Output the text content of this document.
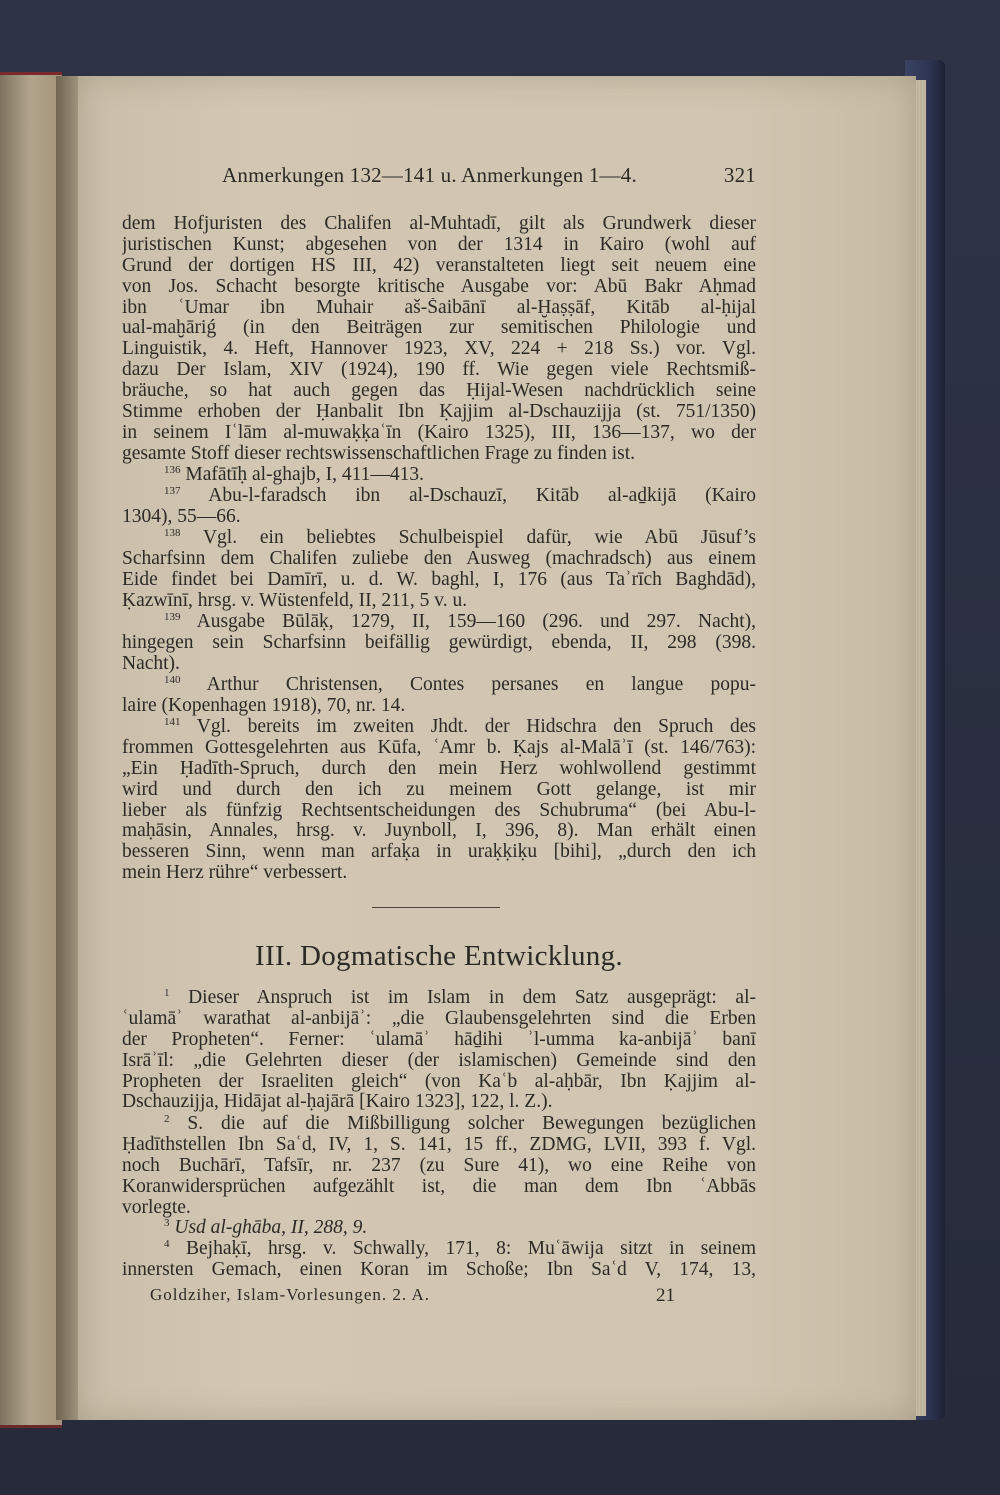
Anmerkungen 132—141 u. Anmerkungen 1—4.	321
dem Hofjuristen des Chalifen al-Muhtadī, gilt als Grundwerk dieser
juristischen Kunst; abgesehen von der 1314 in Kairo (wohl auf
Grund der dortigen HS III, 42) veranstalteten liegt seit neuem eine
von Jos. Schacht besorgte kritische Ausgabe vor: Abū Bakr Aḥmad
ibn ʿUmar ibn Muhair aš-Šaibānī al-Ḫaṣṣāf, Kitāb al-ḥijal
ual-maḫāriǵ (in den Beiträgen zur semitischen Philologie und
Linguistik, 4. Heft, Hannover 1923, XV, 224 + 218 Ss.) vor. Vgl.
dazu Der Islam, XIV (1924), 190 ff. Wie gegen viele Rechtsmiß-
bräuche, so hat auch gegen das Ḥijal-Wesen nachdrücklich seine
Stimme erhoben der Ḥanbalit Ibn Ḳajjim al-Dschauzijja (st. 751/1350)
in seinem Iʿlām al-muwaḳḳaʿīn (Kairo 1325), III, 136—137, wo der
gesamte Stoff dieser rechtswissenschaftlichen Frage zu finden ist.
$^{136}$ Mafātīḥ al-ghajb, I, 411—413.
$^{137}$ Abu-l-faradsch ibn al-Dschauzī, Kitāb al-aḏkijā (Kairo
1304), 55—66.
$^{138}$ Vgl. ein beliebtes Schulbeispiel dafür, wie Abū Jūsuf’s
Scharfsinn dem Chalifen zuliebe den Ausweg (machradsch) aus einem
Eide findet bei Damīrī, u. d. W. baghl, I, 176 (aus Taʾrīch Baghdād),
Ḳazwīnī, hrsg. v. Wüstenfeld, II, 211, 5 v. u.
$^{139}$ Ausgabe Būlāḳ, 1279, II, 159—160 (296. und 297. Nacht),
hingegen sein Scharfsinn beifällig gewürdigt, ebenda, II, 298 (398.
Nacht).
$^{140}$ Arthur Christensen, Contes persanes en langue popu-
laire (Kopenhagen 1918), 70, nr. 14.
$^{141}$ Vgl. bereits im zweiten Jhdt. der Hidschra den Spruch des
frommen Gottesgelehrten aus Kūfa, ʿAmr b. Ḳajs al-Malāʾī (st. 146/763):
„Ein Ḥadīth-Spruch, durch den mein Herz wohlwollend gestimmt
wird und durch den ich zu meinem Gott gelange, ist mir
lieber als fünfzig Rechtsentscheidungen des Schubruma“ (bei Abu-l-
maḥāsin, Annales, hrsg. v. Juynboll, I, 396, 8). Man erhält einen
besseren Sinn, wenn man arfaḳa in uraḳḳiḳu [bihi], „durch den ich
mein Herz rühre“ verbessert.
III. Dogmatische Entwicklung.
$^1$ Dieser Anspruch ist im Islam in dem Satz ausgeprägt: al-
ʿulamāʾ warathat al-anbijāʾ: „die Glaubensgelehrten sind die Erben
der Propheten“. Ferner: ʿulamāʾ hāḏihi ʾl-umma ka-anbijāʾ banī
Isrāʾīl: „die Gelehrten dieser (der islamischen) Gemeinde sind den
Propheten der Israeliten gleich“ (von Kaʿb al-aḥbār, Ibn Ḳajjim al-
Dschauzijja, Hidājat al-ḥajārā [Kairo 1323], 122, l. Z.).
$^2$ S. die auf die Mißbilligung solcher Bewegungen bezüglichen
Ḥadīthstellen Ibn Saʿd, IV, 1, S. 141, 15 ff., ZDMG, LVII, 393 f. Vgl.
noch Buchārī, Tafsīr, nr. 237 (zu Sure 41), wo eine Reihe von
Koranwidersprüchen aufgezählt ist, die man dem Ibn ʿAbbās
vorlegte.
$^3$ Usd al-ghāba, II, 288, 9.
$^4$ Bejhaḳī, hrsg. v. Schwally, 171, 8: Muʿāwija sitzt in seinem
innersten Gemach, einen Koran im Schoße; Ibn Saʿd V, 174, 13,
Goldziher, Islam-Vorlesungen. 2. A.	21
